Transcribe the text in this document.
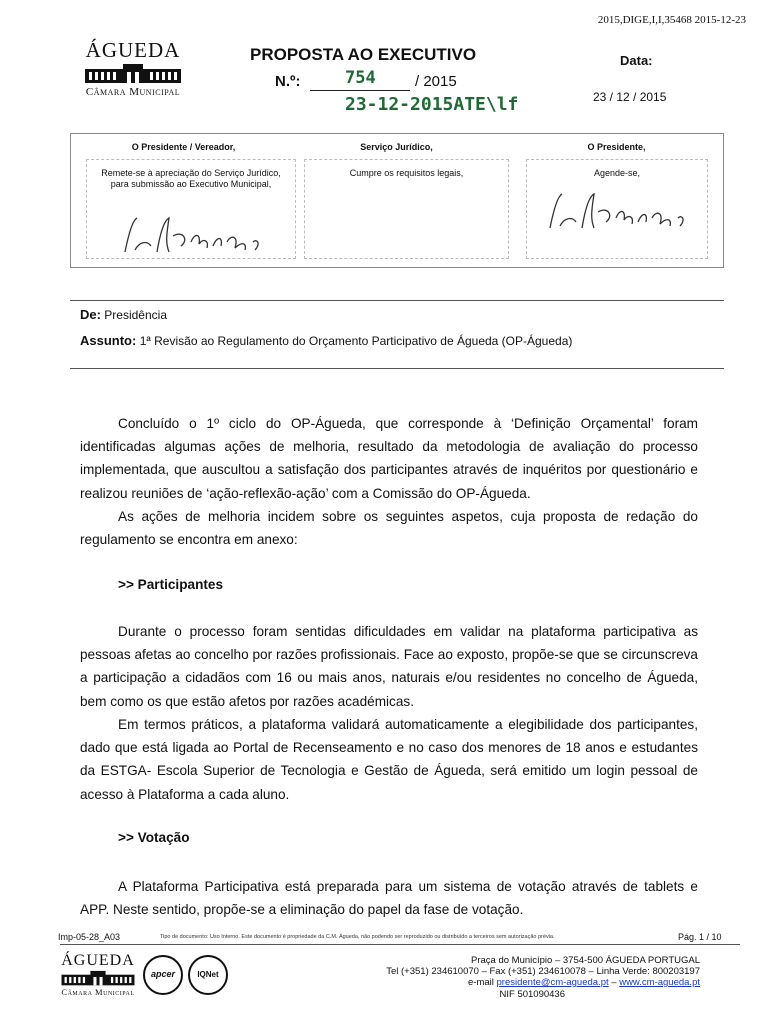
2015,DIGE,I,I,35468 2015-12-23
ÁGUEDA
Câmara Municipal
PROPOSTA AO EXECUTIVO
N.º:	754	/ 2015
23-12-2015ATE\lf
Data:
23 / 12 / 2015
O Presidente / Vereador,
Remete-se à apreciação do Serviço Jurídico, para submissão ao Executivo Municipal,
Serviço Jurídico,
Cumpre os requisitos legais,
O Presidente,
Agende-se,
De: Presidência
Assunto: 1ª Revisão ao Regulamento do Orçamento Participativo de Águeda (OP-Águeda)
Concluído o 1º ciclo do OP-Águeda, que corresponde à ‘Definição Orçamental’ foram identificadas algumas ações de melhoria, resultado da metodologia de avaliação do processo implementada, que auscultou a satisfação dos participantes através de inquéritos por questionário e realizou reuniões de ‘ação-reflexão-ação’ com a Comissão do OP-Águeda.
As ações de melhoria incidem sobre os seguintes aspetos, cuja proposta de redação do regulamento se encontra em anexo:
>> Participantes
Durante o processo foram sentidas dificuldades em validar na plataforma participativa as pessoas afetas ao concelho por razões profissionais. Face ao exposto, propõe-se que se circunscreva a participação a cidadãos com 16 ou mais anos, naturais e/ou residentes no concelho de Águeda, bem como os que estão afetos por razões académicas.
Em termos práticos, a plataforma validará automaticamente a elegibilidade dos participantes, dado que está ligada ao Portal de Recenseamento e no caso dos menores de 18 anos e estudantes da ESTGA- Escola Superior de Tecnologia e Gestão de Águeda, será emitido um login pessoal de acesso à Plataforma a cada aluno.
>> Votação
A Plataforma Participativa está preparada para um sistema de votação através de tablets e APP. Neste sentido, propõe-se a eliminação do papel da fase de votação.
Imp-05-28_A03	Tipo de documento: Uso Interno. Este documento é propriedade da C.M. Águeda, não podendo ser reproduzido ou distribuído a terceiros sem autorização prévia.	Pág. 1 / 10
ÁGUEDA
Câmara Municipal
apcer	IQNet
Praça do Município – 3754-500 ÁGUEDA PORTUGAL
Tel (+351) 234610070 – Fax (+351) 234610078 – Linha Verde: 800203197
e-mail presidente@cm-agueda.pt – www.cm-agueda.pt
NIF 501090436
